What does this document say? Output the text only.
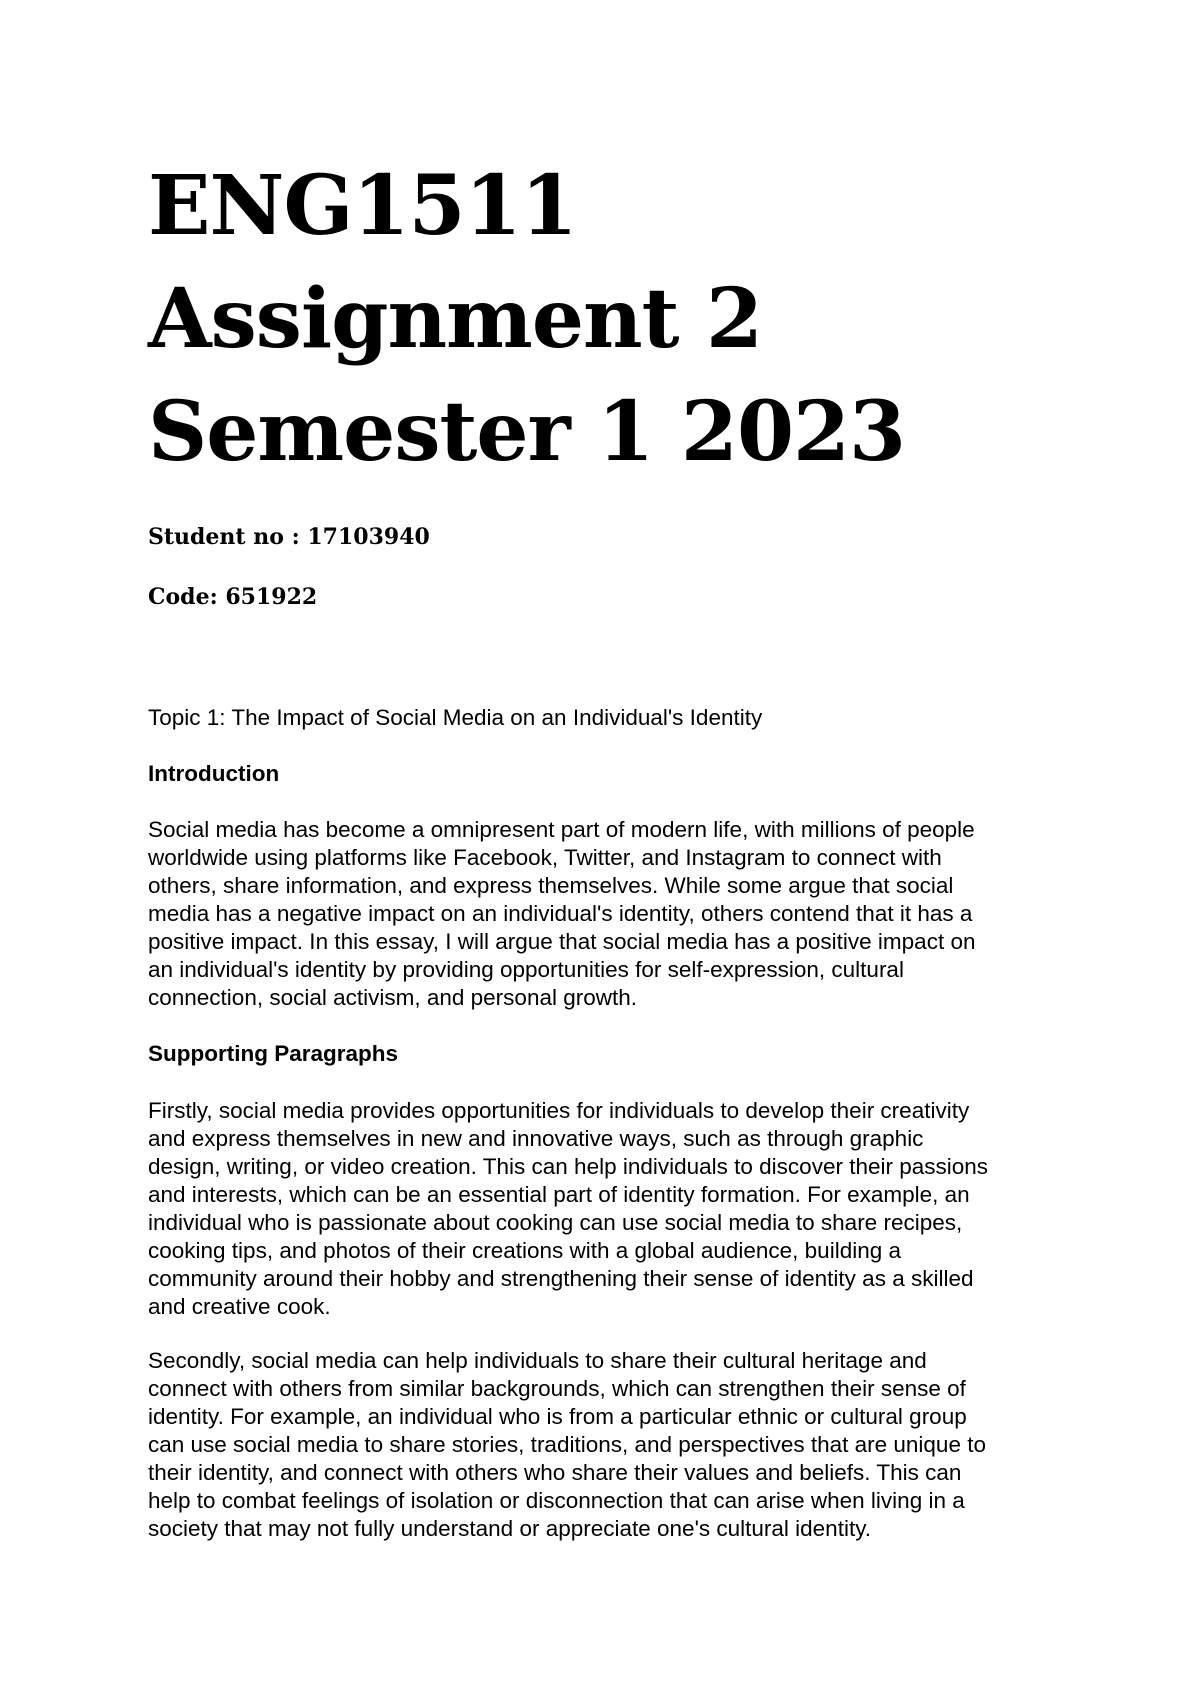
ENG1511
Assignment 2
Semester 1 2023
Student no : 17103940
Code: 651922
Topic 1: The Impact of Social Media on an Individual's Identity
Introduction
Social media has become a omnipresent part of modern life, with millions of people
worldwide using platforms like Facebook, Twitter, and Instagram to connect with
others, share information, and express themselves. While some argue that social
media has a negative impact on an individual's identity, others contend that it has a
positive impact. In this essay, I will argue that social media has a positive impact on
an individual's identity by providing opportunities for self-expression, cultural
connection, social activism, and personal growth.
Supporting Paragraphs
Firstly, social media provides opportunities for individuals to develop their creativity
and express themselves in new and innovative ways, such as through graphic
design, writing, or video creation. This can help individuals to discover their passions
and interests, which can be an essential part of identity formation. For example, an
individual who is passionate about cooking can use social media to share recipes,
cooking tips, and photos of their creations with a global audience, building a
community around their hobby and strengthening their sense of identity as a skilled
and creative cook.
Secondly, social media can help individuals to share their cultural heritage and
connect with others from similar backgrounds, which can strengthen their sense of
identity. For example, an individual who is from a particular ethnic or cultural group
can use social media to share stories, traditions, and perspectives that are unique to
their identity, and connect with others who share their values and beliefs. This can
help to combat feelings of isolation or disconnection that can arise when living in a
society that may not fully understand or appreciate one's cultural identity.
